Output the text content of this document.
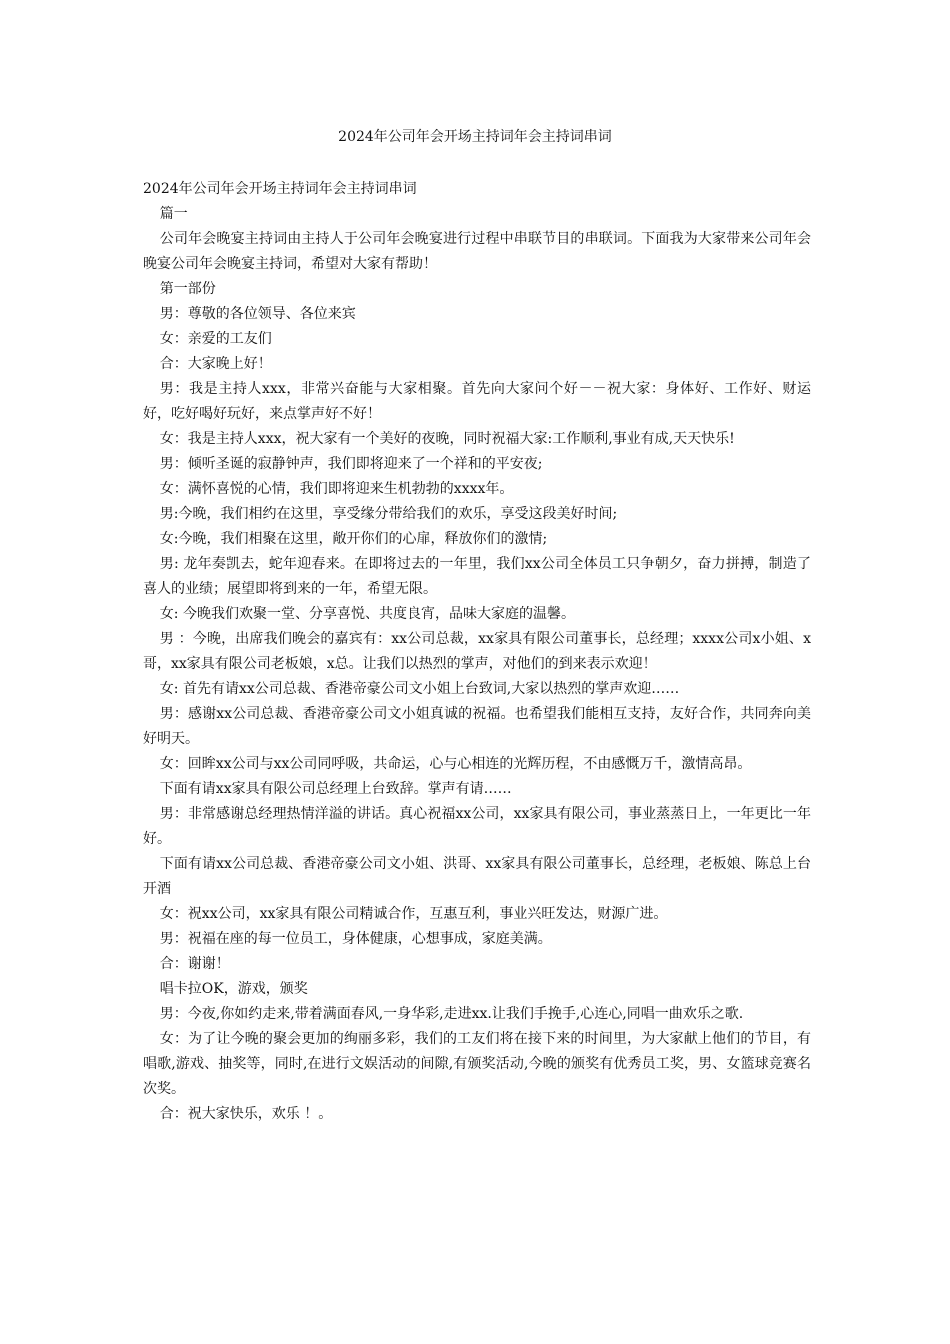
2024年公司年会开场主持词年会主持词串词

2024年公司年会开场主持词年会主持词串词

篇一

公司年会晚宴主持词由主持人于公司年会晚宴进行过程中串联节目的串联词。下面我为大家带来公司年会晚宴公司年会晚宴主持词，希望对大家有帮助！

第一部份

男：尊敬的各位领导、各位来宾

女：亲爱的工友们

合：大家晚上好！

男：我是主持人xxx，非常兴奋能与大家相聚。首先向大家问个好－－祝大家：身体好、工作好、财运好，吃好喝好玩好，来点掌声好不好！

女：我是主持人xxx，祝大家有一个美好的夜晚，同时祝福大家:工作顺利,事业有成,天天快乐!

男：倾听圣诞的寂静钟声，我们即将迎来了一个祥和的平安夜;

女：满怀喜悦的心情，我们即将迎来生机勃勃的xxxx年。

男:今晚，我们相约在这里，享受缘分带给我们的欢乐，享受这段美好时间;

女:今晚，我们相聚在这里，敞开你们的心扉，释放你们的激情;

男: 龙年奏凯去，蛇年迎春来。在即将过去的一年里，我们xx公司全体员工只争朝夕，奋力拼搏，制造了喜人的业绩；展望即将到来的一年，希望无限。

女: 今晚我们欢聚一堂、分享喜悦、共度良宵，品味大家庭的温馨。

男 ：今晚，出席我们晚会的嘉宾有：xx公司总裁，xx家具有限公司董事长，总经理；xxxx公司x小姐、x哥，xx家具有限公司老板娘，x总。让我们以热烈的掌声，对他们的到来表示欢迎！

女: 首先有请xx公司总裁、香港帝豪公司文小姐上台致词,大家以热烈的掌声欢迎……

男：感谢xx公司总裁、香港帝豪公司文小姐真诚的祝福。也希望我们能相互支持，友好合作，共同奔向美好明天。

女：回眸xx公司与xx公司同呼吸，共命运，心与心相连的光辉历程，不由感慨万千，激情高昂。

下面有请xx家具有限公司总经理上台致辞。掌声有请……

男：非常感谢总经理热情洋溢的讲话。真心祝福xx公司，xx家具有限公司，事业蒸蒸日上，一年更比一年好。

下面有请xx公司总裁、香港帝豪公司文小姐、洪哥、xx家具有限公司董事长，总经理，老板娘、陈总上台开酒

女：祝xx公司，xx家具有限公司精诚合作，互惠互利，事业兴旺发达，财源广进。

男：祝福在座的每一位员工，身体健康，心想事成，家庭美满。

合：谢谢！

唱卡拉OK，游戏，颁奖

男：今夜,你如约走来,带着满面春风,一身华彩,走进xx.让我们手挽手,心连心,同唱一曲欢乐之歌.

女：为了让今晚的聚会更加的绚丽多彩，我们的工友们将在接下来的时间里，为大家献上他们的节目，有唱歌,游戏、抽奖等，同时,在进行文娱活动的间隙,有颁奖活动,今晚的颁奖有优秀员工奖，男、女篮球竞赛名次奖。

合：祝大家快乐，欢乐 ！。
